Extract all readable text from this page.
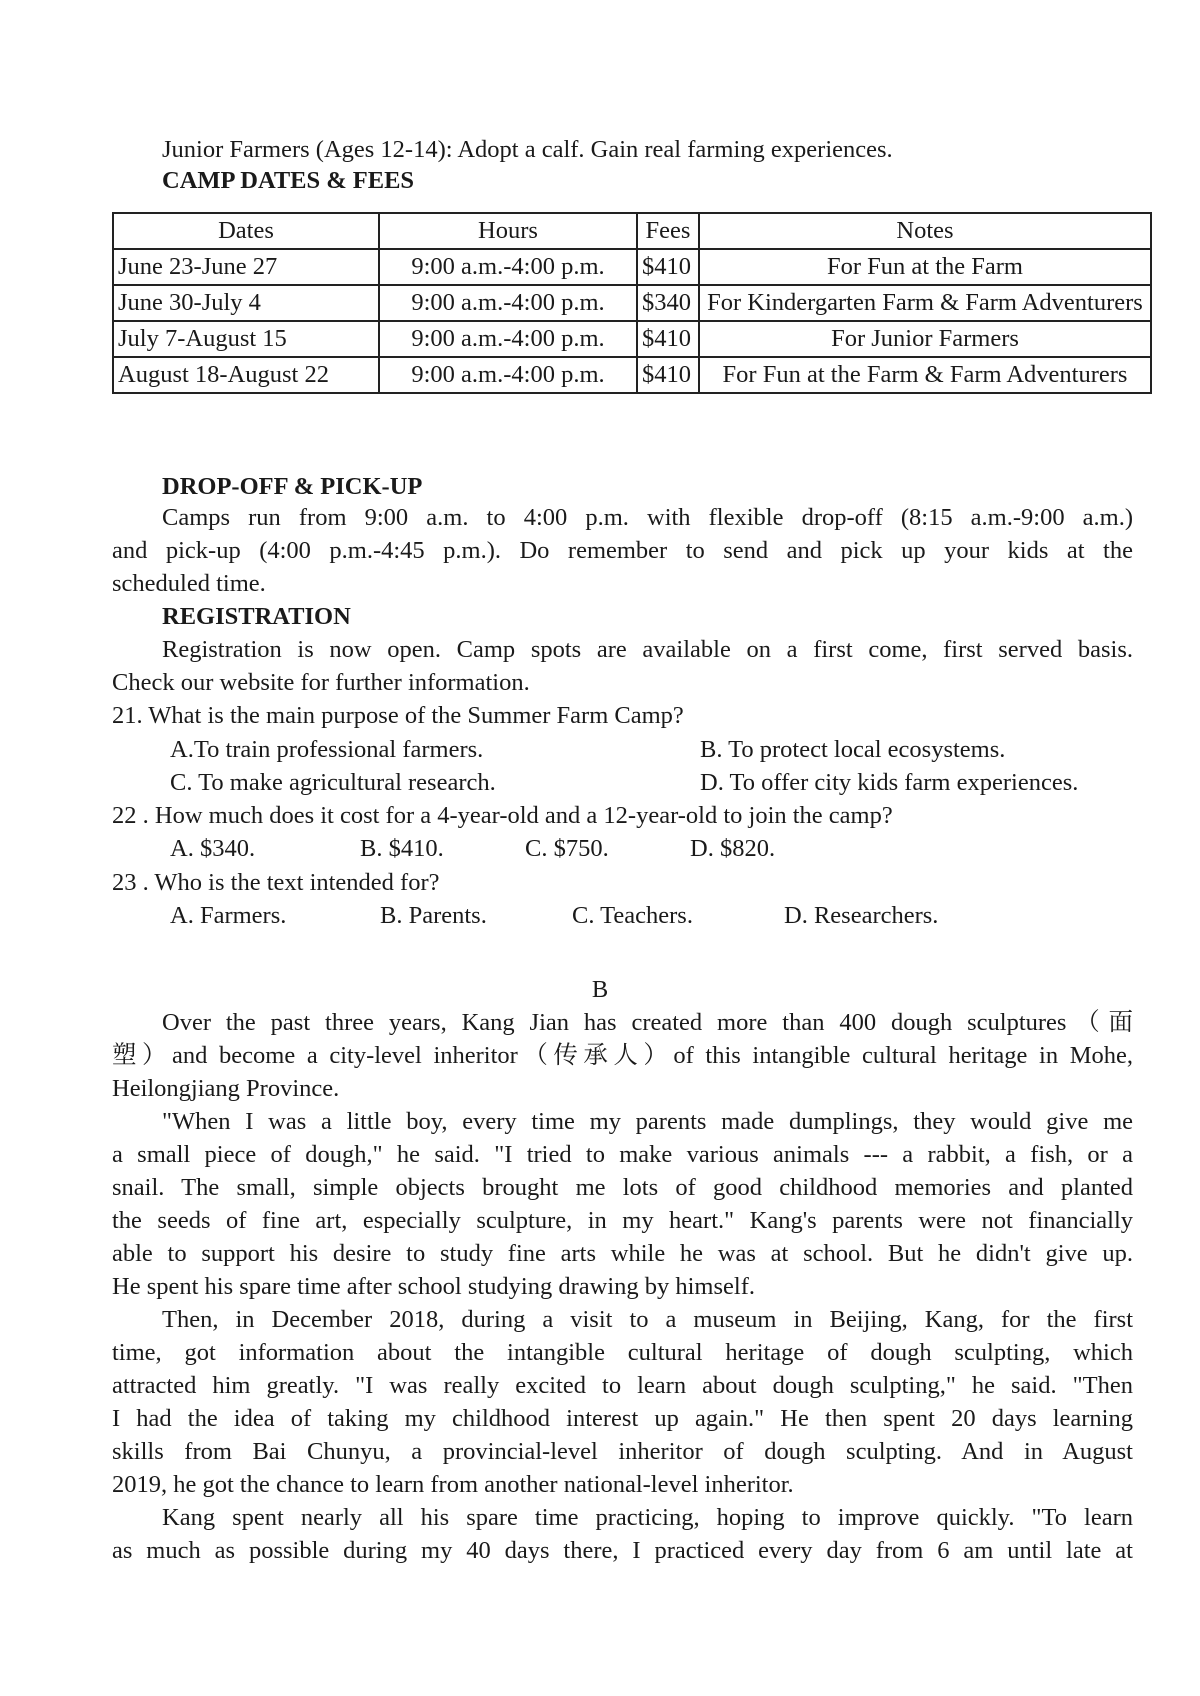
Junior Farmers (Ages 12-14): Adopt a calf. Gain real farming experiences.
CAMP DATES & FEES
Dates	Hours	Fees	Notes
June 23-June 27	9:00 a.m.-4:00 p.m.	$410	For Fun at the Farm
June 30-July 4	9:00 a.m.-4:00 p.m.	$340	For Kindergarten Farm & Farm Adventurers
July 7-August 15	9:00 a.m.-4:00 p.m.	$410	For Junior Farmers
August 18-August 22	9:00 a.m.-4:00 p.m.	$410	For Fun at the Farm & Farm Adventurers
DROP-OFF & PICK-UP
Camps run from 9:00 a.m. to 4:00 p.m. with flexible drop-off (8:15 a.m.-9:00 a.m.)
and pick-up (4:00 p.m.-4:45 p.m.). Do remember to send and pick up your kids at the
scheduled time.
REGISTRATION
Registration is now open. Camp spots are available on a first come, first served basis.
Check our website for further information.
21. What is the main purpose of the Summer Farm Camp?
A.To train professional farmers.	B. To protect local ecosystems.
C. To make agricultural research.	D. To offer city kids farm experiences.
22 . How much does it cost for a 4-year-old and a 12-year-old to join the camp?
A. $340.	B. $410.	C. $750.	D. $820.
23 . Who is the text intended for?
A. Farmers.	B. Parents.	C. Teachers.	D. Researchers.
B
Over the past three years, Kang Jian has created more than 400 dough sculptures（面
塑）and become a city-level inheritor（传承人）of this intangible cultural heritage in Mohe,
Heilongjiang Province.
"When I was a little boy, every time my parents made dumplings, they would give me
a small piece of dough," he said. "I tried to make various animals --- a rabbit, a fish, or a
snail. The small, simple objects brought me lots of good childhood memories and planted
the seeds of fine art, especially sculpture, in my heart." Kang's parents were not financially
able to support his desire to study fine arts while he was at school. But he didn't give up.
He spent his spare time after school studying drawing by himself.
Then, in December 2018, during a visit to a museum in Beijing, Kang, for the first
time, got information about the intangible cultural heritage of dough sculpting, which
attracted him greatly. "I was really excited to learn about dough sculpting," he said. "Then
I had the idea of taking my childhood interest up again." He then spent 20 days learning
skills from Bai Chunyu, a provincial-level inheritor of dough sculpting. And in August
2019, he got the chance to learn from another national-level inheritor.
Kang spent nearly all his spare time practicing, hoping to improve quickly. "To learn
as much as possible during my 40 days there, I practiced every day from 6 am until late at
